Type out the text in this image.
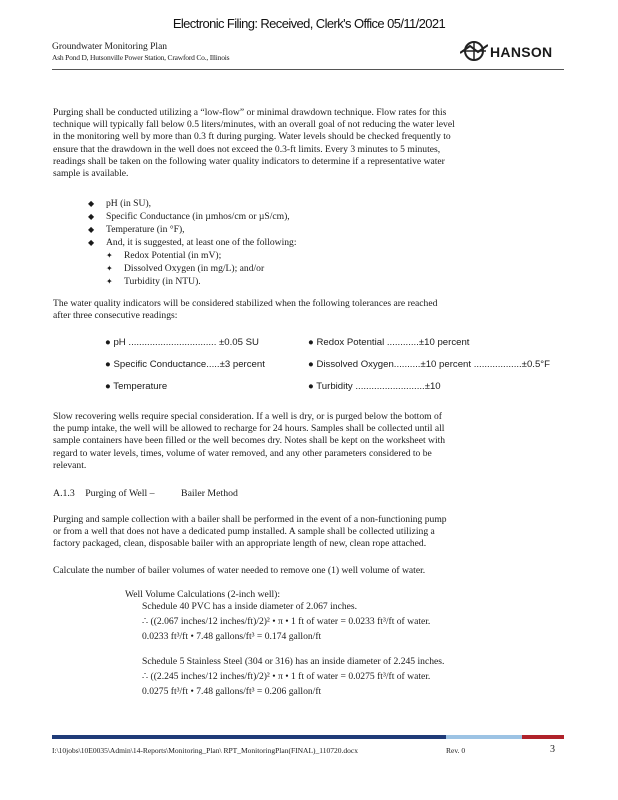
Electronic Filing: Received, Clerk's Office 05/11/2021
Groundwater Monitoring Plan
Ash Pond D, Hutsonville Power Station, Crawford Co., Illinois	HANSON
Purging shall be conducted utilizing a “low-flow” or minimal drawdown technique. Flow rates for this
technique will typically fall below 0.5 liters/minutes, with an overall goal of not reducing the water level
in the monitoring well by more than 0.3 ft during purging. Water levels should be checked frequently to
ensure that the drawdown in the well does not exceed the 0.3-ft limits. Every 3 minutes to 5 minutes,
readings shall be taken on the following water quality indicators to determine if a representative water
sample is available.
◆ pH (in SU),
◆ Specific Conductance (in µmhos/cm or µS/cm),
◆ Temperature (in °F),
◆ And, it is suggested, at least one of the following:
✦ Redox Potential (in mV);
✦ Dissolved Oxygen (in mg/L); and/or
✦ Turbidity (in NTU).
The water quality indicators will be considered stabilized when the following tolerances are reached
after three consecutive readings:
● pH ................................. ±0.05 SU	● Redox Potential ............±10 percent
● Specific Conductance.....±3 percent	● Dissolved Oxygen..........±10 percent ..................±0.5°F
● Temperature	● Turbidity ..........................±10
Slow recovering wells require special consideration. If a well is dry, or is purged below the bottom of
the pump intake, the well will be allowed to recharge for 24 hours. Samples shall be collected until all
sample containers have been filled or the well becomes dry. Notes shall be kept on the worksheet with
regard to water levels, times, volume of water removed, and any other parameters considered to be
relevant.
A.1.3 Purging of Well –	Bailer Method
Purging and sample collection with a bailer shall be performed in the event of a non-functioning pump
or from a well that does not have a dedicated pump installed. A sample shall be collected utilizing a
factory packaged, clean, disposable bailer with an appropriate length of new, clean rope attached.
Calculate the number of bailer volumes of water needed to remove one (1) well volume of water.
Well Volume Calculations (2-inch well):
Schedule 40 PVC has a inside diameter of 2.067 inches.
∴ ((2.067 inches/12 inches/ft)/2)² • π • 1 ft of water = 0.0233 ft³/ft of water.
0.0233 ft³/ft • 7.48 gallons/ft³ = 0.174 gallon/ft
Schedule 5 Stainless Steel (304 or 316) has an inside diameter of 2.245 inches.
∴ ((2.245 inches/12 inches/ft)/2)² • π • 1 ft of water = 0.0275 ft³/ft of water.
0.0275 ft³/ft • 7.48 gallons/ft³ = 0.206 gallon/ft
I:\10jobs\10E0035\Admin\14-Reports\Monitoring_Plan\ RPT_MonitoringPlan(FINAL)_110720.docx	Rev. 0	3
